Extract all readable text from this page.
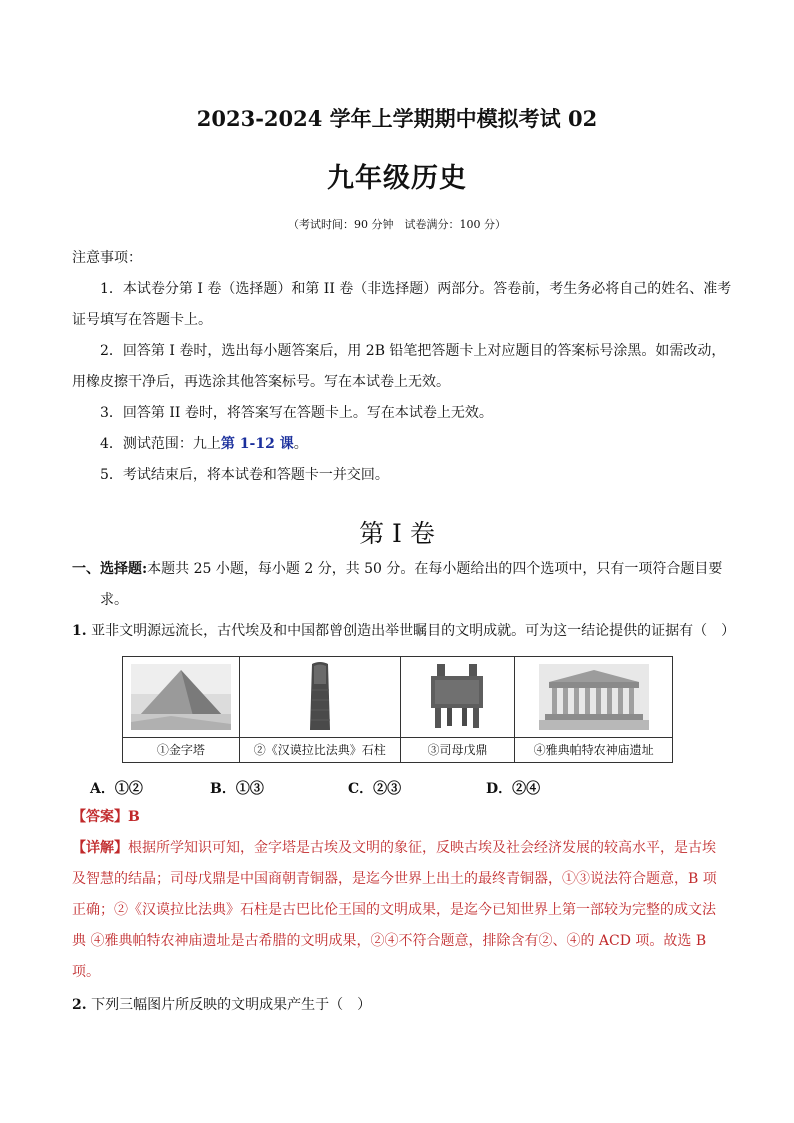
2023-2024 学年上学期期中模拟考试 02
九年级历史
（考试时间：90 分钟　试卷满分：100 分）
注意事项：
1．本试卷分第 I 卷（选择题）和第 II 卷（非选择题）两部分。答卷前，考生务必将自己的姓名、准考
证号填写在答题卡上。
2．回答第 I 卷时，选出每小题答案后，用 2B 铅笔把答题卡上对应题目的答案标号涂黑。如需改动，
用橡皮擦干净后，再选涂其他答案标号。写在本试卷上无效。
3．回答第 II 卷时，将答案写在答题卡上。写在本试卷上无效。
4．测试范围：九上第 1-12 课。
5．考试结束后，将本试卷和答题卡一并交回。
第 I 卷
一、选择题:本题共 25 小题，每小题 2 分，共 50 分。在每小题给出的四个选项中，只有一项符合题目要
求。
1. 亚非文明源远流长，古代埃及和中国都曾创造出举世瞩目的文明成就。可为这一结论提供的证据有（　）

①金字塔	②《汉谟拉比法典》石柱	③司母戊鼎	④雅典帕特农神庙遗址
A．①②	B．①③	C．②③	D．②④
【答案】B
【详解】根据所学知识可知，金字塔是古埃及文明的象征，反映古埃及社会经济发展的较高水平，是古埃
及智慧的结晶；司母戊鼎是中国商朝青铜器，是迄今世界上出土的最终青铜器，①③说法符合题意，B 项
正确；②《汉谟拉比法典》石柱是古巴比伦王国的文明成果，是迄今已知世界上第一部较为完整的成文法
典 ④雅典帕特农神庙遗址是古希腊的文明成果，②④不符合题意，排除含有②、④的 ACD 项。故选 B
项。
2. 下列三幅图片所反映的文明成果产生于（　）
